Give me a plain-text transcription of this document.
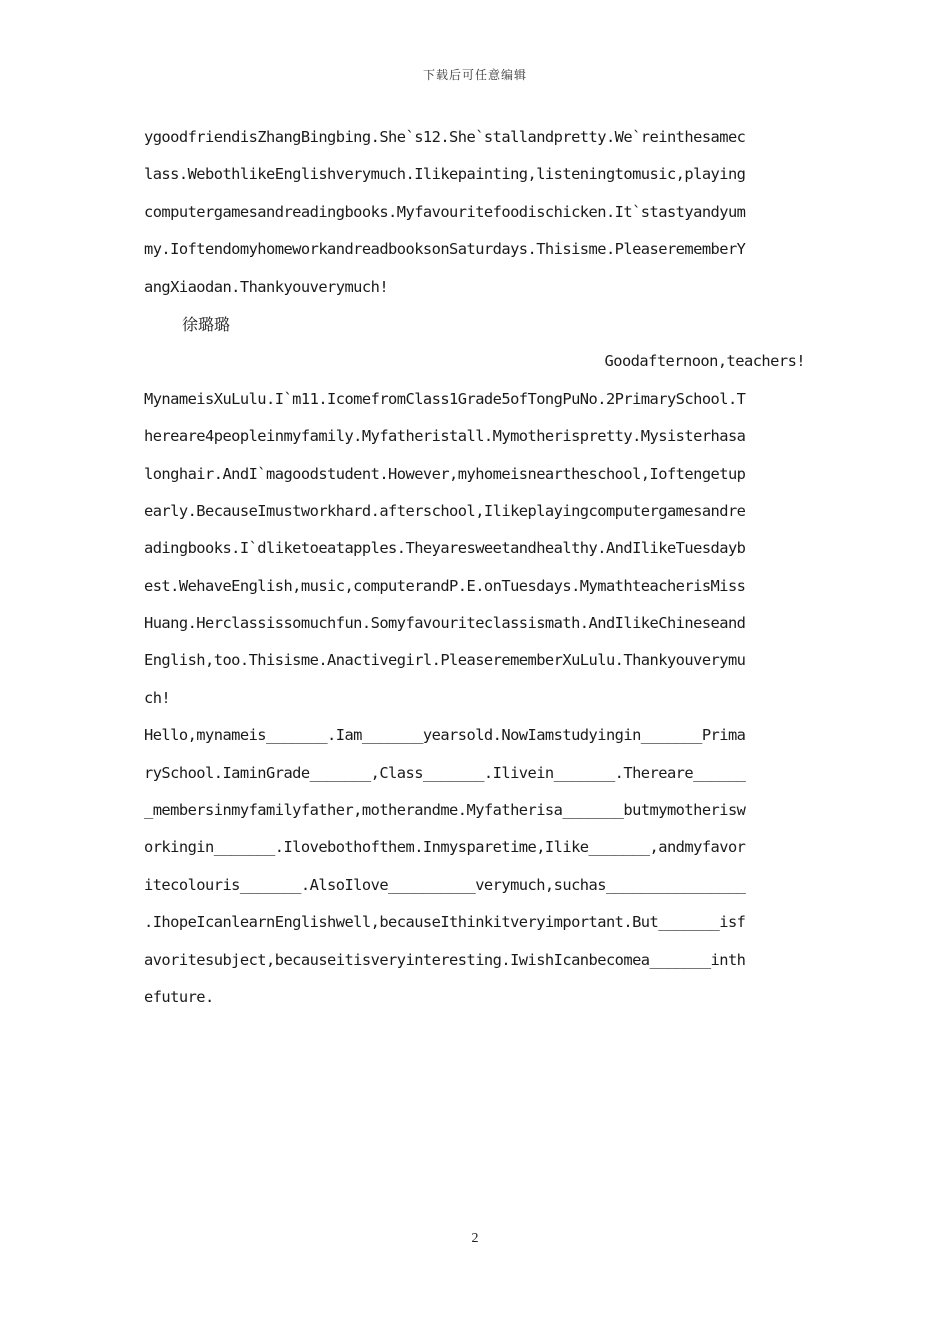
下载后可任意编辑
ygoodfriendisZhangBingbing.She`s12.She`stallandpretty.We`reinthesamec
lass.WebothlikeEnglishverymuch.Ilikepainting,listeningtomusic,playing
computergamesandreadingbooks.Myfavouritefoodischicken.It`stastyandyum
my.IoftendomyhomeworkandreadbooksonSaturdays.Thisisme.PleaserememberY
angXiaodan.Thankyouverymuch!
徐璐璐
Goodafternoon,teachers!
MynameisXuLulu.I`m11.IcomefromClass1Grade5ofTongPuNo.2PrimarySchool.T
hereare4peopleinmyfamily.Myfatheristall.Mymotherispretty.Mysisterhasa
longhair.AndI`magoodstudent.However,myhomeisneartheschool,Ioftengetup
early.BecauseImustworkhard.afterschool,Ilikeplayingcomputergamesandre
adingbooks.I`dliketoeatapples.Theyaresweetandhealthy.AndIlikeTuesdayb
est.WehaveEnglish,music,computerandP.E.onTuesdays.MymathteacherisMiss
Huang.Herclassissomuchfun.Somyfavouriteclassismath.AndIlikeChineseand
English,too.Thisisme.Anactivegirl.PleaserememberXuLulu.Thankyouverymu
ch!
Hello,mynameis_______.Iam_______yearsold.NowIamstudyingin_______Prima
rySchool.IaminGrade_______,Class_______.Ilivein_______.Thereare______
_membersinmyfamilyfather,motherandme.Myfatherisa_______butmymotherisw
orkingin_______.Ilovebothofthem.Inmysparetime,Ilike_______,andmyfavor
itecolouris_______.AlsoIlove__________verymuch,suchas________________
.IhopeIcanlearnEnglishwell,becauseIthinkitveryimportant.But_______isf
avoritesubject,becauseitisveryinteresting.IwishIcanbecomea_______inth
efuture.
2
